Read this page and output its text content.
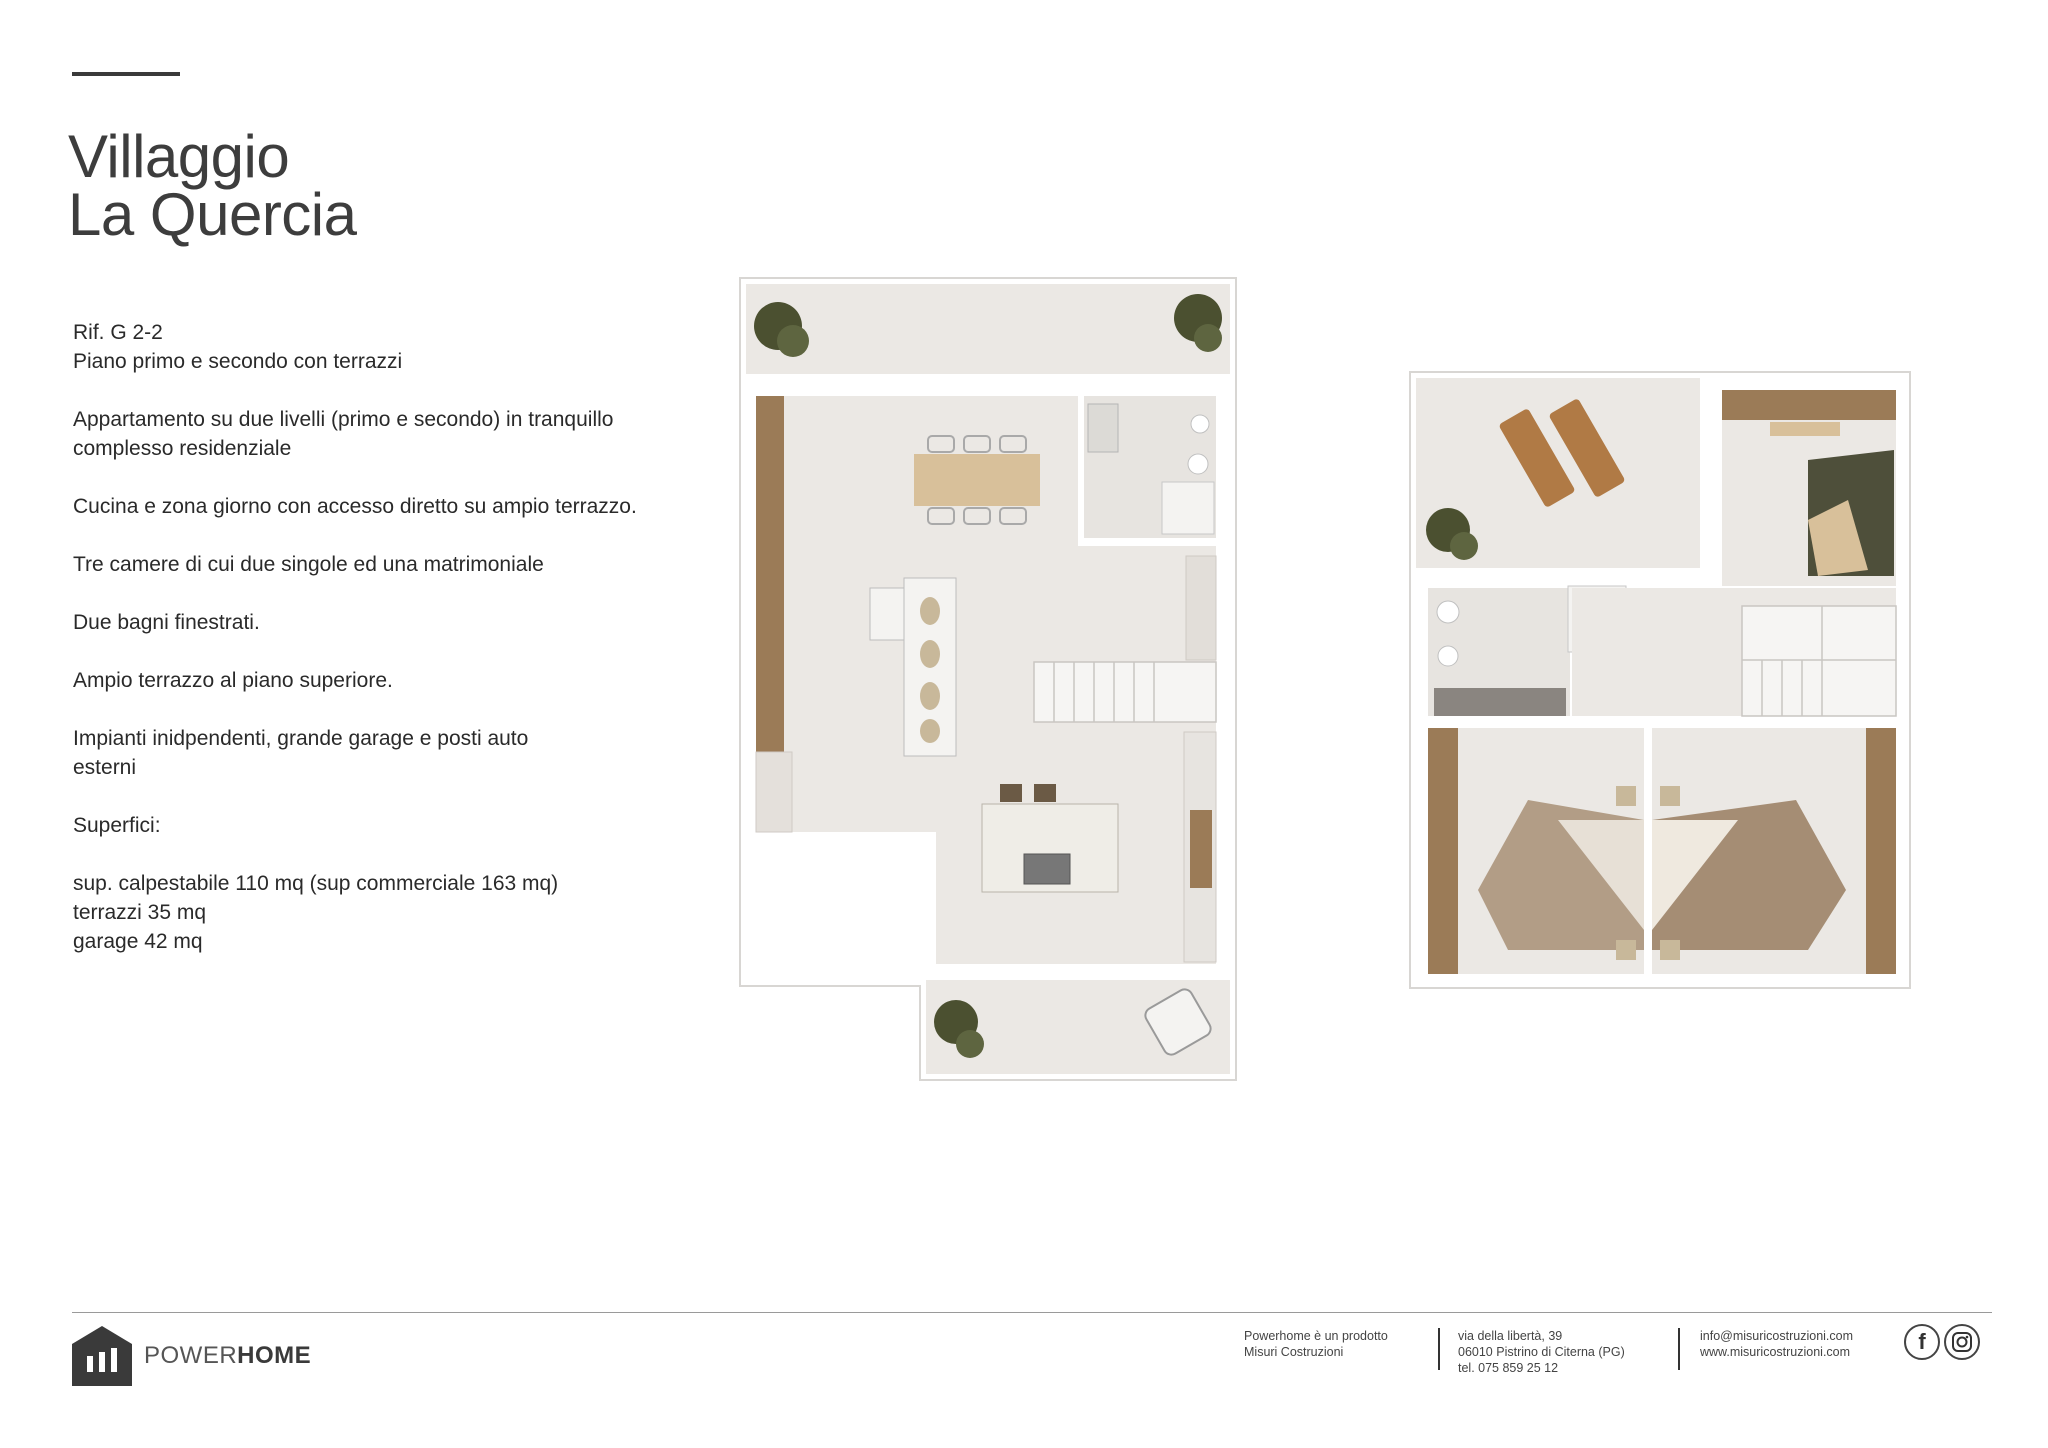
Villaggio
La Quercia

Rif. G 2-2
Piano primo e secondo con terrazzi

Appartamento su due livelli (primo e secondo) in tranquillo
complesso residenziale

Cucina e zona giorno con accesso diretto su ampio terrazzo.

Tre camere di cui due singole ed una matrimoniale

Due bagni finestrati.

Ampio terrazzo al piano superiore.

Impianti inidpendenti, grande garage e posti auto
esterni

Superfici:

sup. calpestabile 110 mq (sup commerciale 163 mq)
terrazzi 35 mq
garage 42 mq

POWERHOME
Powerhome è un prodotto
Misuri Costruzioni
via della libertà, 39
06010 Pistrino di Citerna (PG)
tel. 075 859 25 12
info@misuricostruzioni.com
www.misuricostruzioni.com	f
